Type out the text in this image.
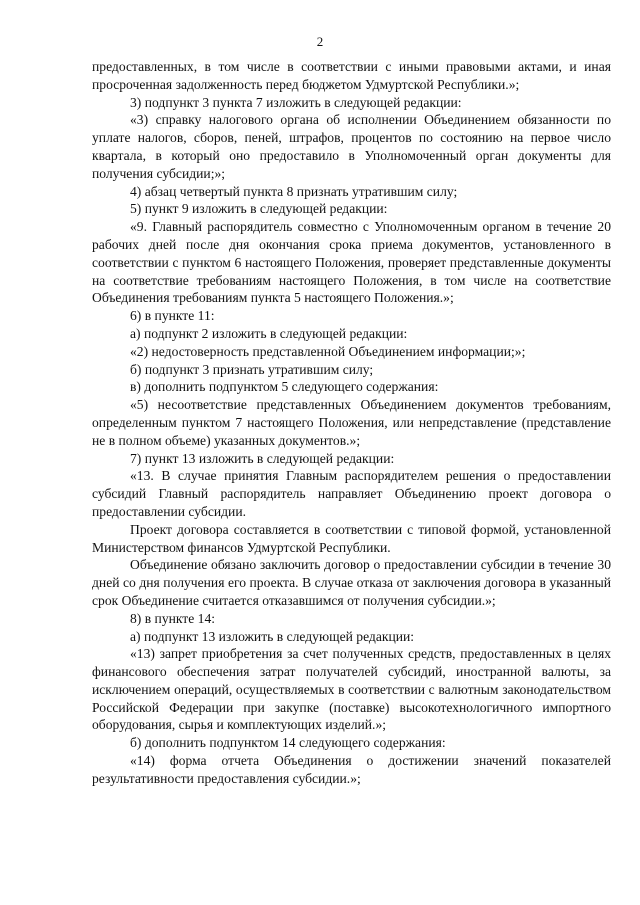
2

предоставленных, в том числе в соответствии с иными правовыми актами, и иная просроченная задолженность перед бюджетом Удмуртской Республики.»;

3) подпункт 3 пункта 7 изложить в следующей редакции:

«3) справку налогового органа об исполнении Объединением обязанности по уплате налогов, сборов, пеней, штрафов, процентов по состоянию на первое число квартала, в который оно предоставило в Уполномоченный орган документы для получения субсидии;»;

4) абзац четвертый пункта 8 признать утратившим силу;

5) пункт 9 изложить в следующей редакции:

«9. Главный распорядитель совместно с Уполномоченным органом в течение 20 рабочих дней после дня окончания срока приема документов, установленного в соответствии с пунктом 6 настоящего Положения, проверяет представленные документы на соответствие требованиям настоящего Положения, в том числе на соответствие Объединения требованиям пункта 5 настоящего Положения.»;

6) в пункте 11:

а) подпункт 2 изложить в следующей редакции:

«2) недостоверность представленной Объединением информации;»;

б) подпункт 3 признать утратившим силу;

в) дополнить подпунктом 5 следующего содержания:

«5) несоответствие представленных Объединением документов требованиям, определенным пунктом 7 настоящего Положения, или непредставление (представление не в полном объеме) указанных документов.»;

7) пункт 13 изложить в следующей редакции:

«13. В случае принятия Главным распорядителем решения о предоставлении субсидий Главный распорядитель направляет Объединению проект договора о предоставлении субсидии.

Проект договора составляется в соответствии с типовой формой, установленной Министерством финансов Удмуртской Республики.

Объединение обязано заключить договор о предоставлении субсидии в течение 30 дней со дня получения его проекта. В случае отказа от заключения договора в указанный срок Объединение считается отказавшимся от получения субсидии.»;

8) в пункте 14:

а) подпункт 13 изложить в следующей редакции:

«13) запрет приобретения за счет полученных средств, предоставленных в целях финансового обеспечения затрат получателей субсидий, иностранной валюты, за исключением операций, осуществляемых в соответствии с валютным законодательством Российской Федерации при закупке (поставке) высокотехнологичного импортного оборудования, сырья и комплектующих изделий.»;

б) дополнить подпунктом 14 следующего содержания:

«14) форма отчета Объединения о достижении значений показателей результативности предоставления субсидии.»;
